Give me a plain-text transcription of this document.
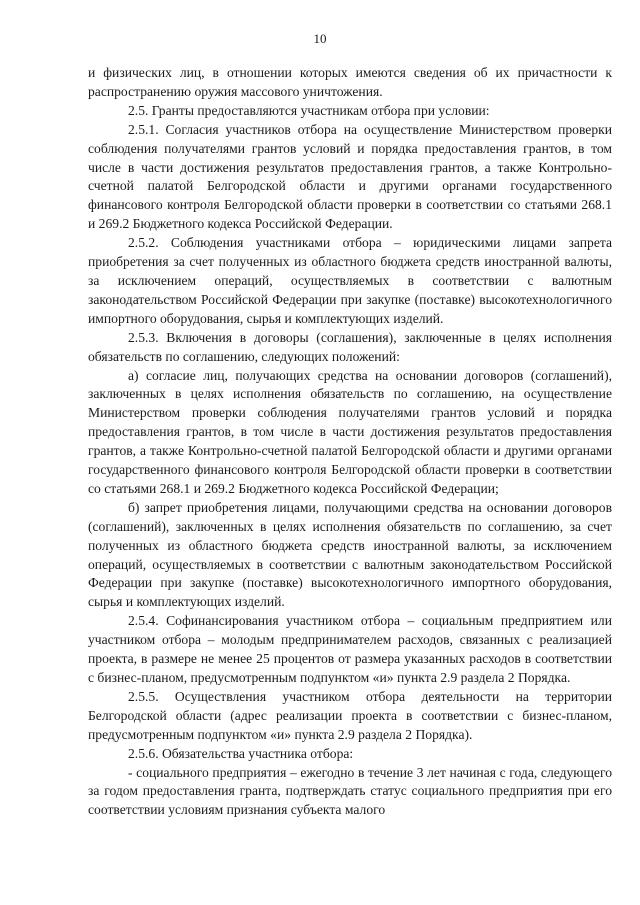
10

и физических лиц, в отношении которых имеются сведения об их причастности к распространению оружия массового уничтожения.

2.5. Гранты предоставляются участникам отбора при условии:

2.5.1. Согласия участников отбора на осуществление Министерством проверки соблюдения получателями грантов условий и порядка предоставления грантов, в том числе в части достижения результатов предоставления грантов, а также Контрольно-счетной палатой Белгородской области и другими органами государственного финансового контроля Белгородской области проверки в соответствии со статьями 268.1 и 269.2 Бюджетного кодекса Российской Федерации.

2.5.2. Соблюдения участниками отбора – юридическими лицами запрета приобретения за счет полученных из областного бюджета средств иностранной валюты, за исключением операций, осуществляемых в соответствии с валютным законодательством Российской Федерации при закупке (поставке) высокотехнологичного импортного оборудования, сырья и комплектующих изделий.

2.5.3. Включения в договоры (соглашения), заключенные в целях исполнения обязательств по соглашению, следующих положений:

а) согласие лиц, получающих средства на основании договоров (соглашений), заключенных в целях исполнения обязательств по соглашению, на осуществление Министерством проверки соблюдения получателями грантов условий и порядка предоставления грантов, в том числе в части достижения результатов предоставления грантов, а также Контрольно-счетной палатой Белгородской области и другими органами государственного финансового контроля Белгородской области проверки в соответствии со статьями 268.1 и 269.2 Бюджетного кодекса Российской Федерации;

б) запрет приобретения лицами, получающими средства на основании договоров (соглашений), заключенных в целях исполнения обязательств по соглашению, за счет полученных из областного бюджета средств иностранной валюты, за исключением операций, осуществляемых в соответствии с валютным законодательством Российской Федерации при закупке (поставке) высокотехнологичного импортного оборудования, сырья и комплектующих изделий.

2.5.4. Софинансирования участником отбора – социальным предприятием или участником отбора – молодым предпринимателем расходов, связанных с реализацией проекта, в размере не менее 25 процентов от размера указанных расходов в соответствии с бизнес-планом, предусмотренным подпунктом «и» пункта 2.9 раздела 2 Порядка.

2.5.5. Осуществления участником отбора деятельности на территории Белгородской области (адрес реализации проекта в соответствии с бизнес-планом, предусмотренным подпунктом «и» пункта 2.9 раздела 2 Порядка).

2.5.6. Обязательства участника отбора:

- социального предприятия – ежегодно в течение 3 лет начиная с года, следующего за годом предоставления гранта, подтверждать статус социального предприятия при его соответствии условиям признания субъекта малого
